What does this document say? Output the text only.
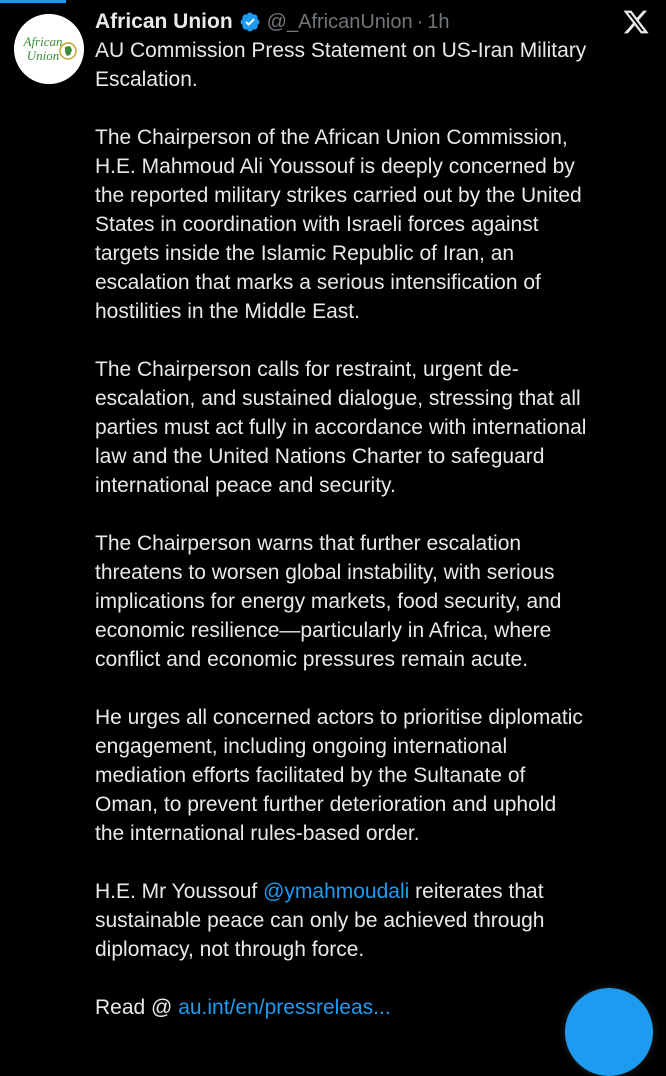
African
Union
African Union @_AfricanUnion · 1h

AU Commission Press Statement on US-Iran Military
Escalation.

The Chairperson of the African Union Commission,
H.E. Mahmoud Ali Youssouf is deeply concerned by
the reported military strikes carried out by the United
States in coordination with Israeli forces against
targets inside the Islamic Republic of Iran, an
escalation that marks a serious intensification of
hostilities in the Middle East.

The Chairperson calls for restraint, urgent de-
escalation, and sustained dialogue, stressing that all
parties must act fully in accordance with international
law and the United Nations Charter to safeguard
international peace and security.

The Chairperson warns that further escalation
threatens to worsen global instability, with serious
implications for energy markets, food security, and
economic resilience—particularly in Africa, where
conflict and economic pressures remain acute.

He urges all concerned actors to prioritise diplomatic
engagement, including ongoing international
mediation efforts facilitated by the Sultanate of
Oman, to prevent further deterioration and uphold
the international rules-based order.

H.E. Mr Youssouf @ymahmoudali reiterates that
sustainable peace can only be achieved through
diplomacy, not through force.

Read @ au.int/en/pressreleas...
